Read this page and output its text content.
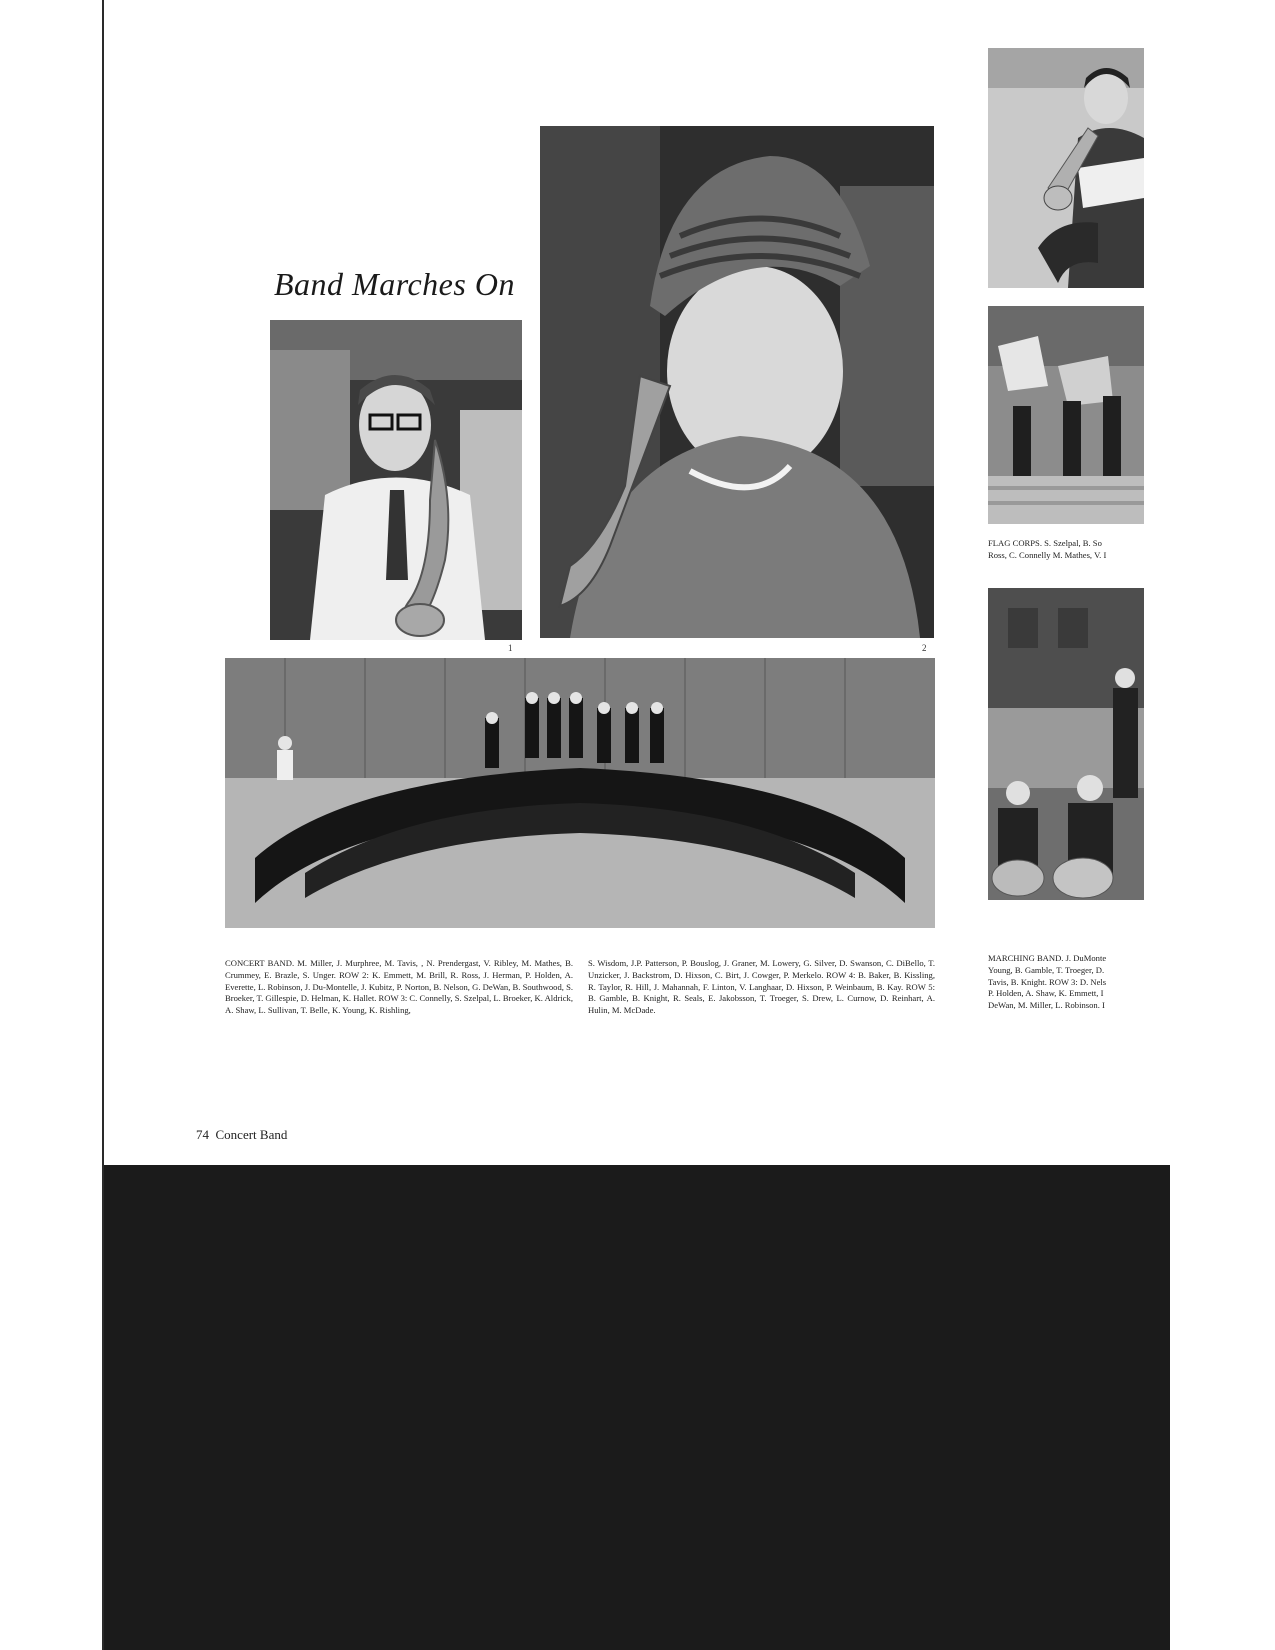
Band Marches On
1	2
FLAG CORPS. S. Szelpal, B. So
Ross, C. Connelly M. Mathes, V. I
MARCHING BAND. J. DuMonte
Young, B. Gamble, T. Troeger, D.
Tavis, B. Knight. ROW 3: D. Nels
P. Holden, A. Shaw, K. Emmett, I
DeWan, M. Miller, L. Robinson. I
CONCERT BAND. M. Miller, J. Murphree, M. Tavis, , N. Prendergast, V. Ribley, M. Mathes, B. Crummey, E. Brazle, S. Unger. ROW 2: K. Emmett, M. Brill, R. Ross, J. Herman, P. Holden, A. Everette, L. Robinson, J. Du-Montelle, J. Kubitz, P. Norton, B. Nelson, G. DeWan, B. Southwood, S. Broeker, T. Gillespie, D. Helman, K. Hallet. ROW 3: C. Connelly, S. Szelpal, L. Broeker, K. Aldrick, A. Shaw, L. Sullivan, T. Belle, K. Young, K. Rishling,
S. Wisdom, J.P. Patterson, P. Bouslog, J. Graner, M. Lowery, G. Silver, D. Swanson, C. DiBello, T. Unzicker, J. Backstrom, D. Hixson, C. Birt, J. Cowger, P. Merkelo. ROW 4: B. Baker, B. Kissling, R. Taylor, R. Hill, J. Mahannah, F. Linton, V. Langhaar, D. Hixson, P. Weinbaum, B. Kay. ROW 5: B. Gamble, B. Knight, R. Seals, E. Jakobsson, T. Troeger, S. Drew, L. Curnow, D. Reinhart, A. Hulin, M. McDade.
74 Concert Band
